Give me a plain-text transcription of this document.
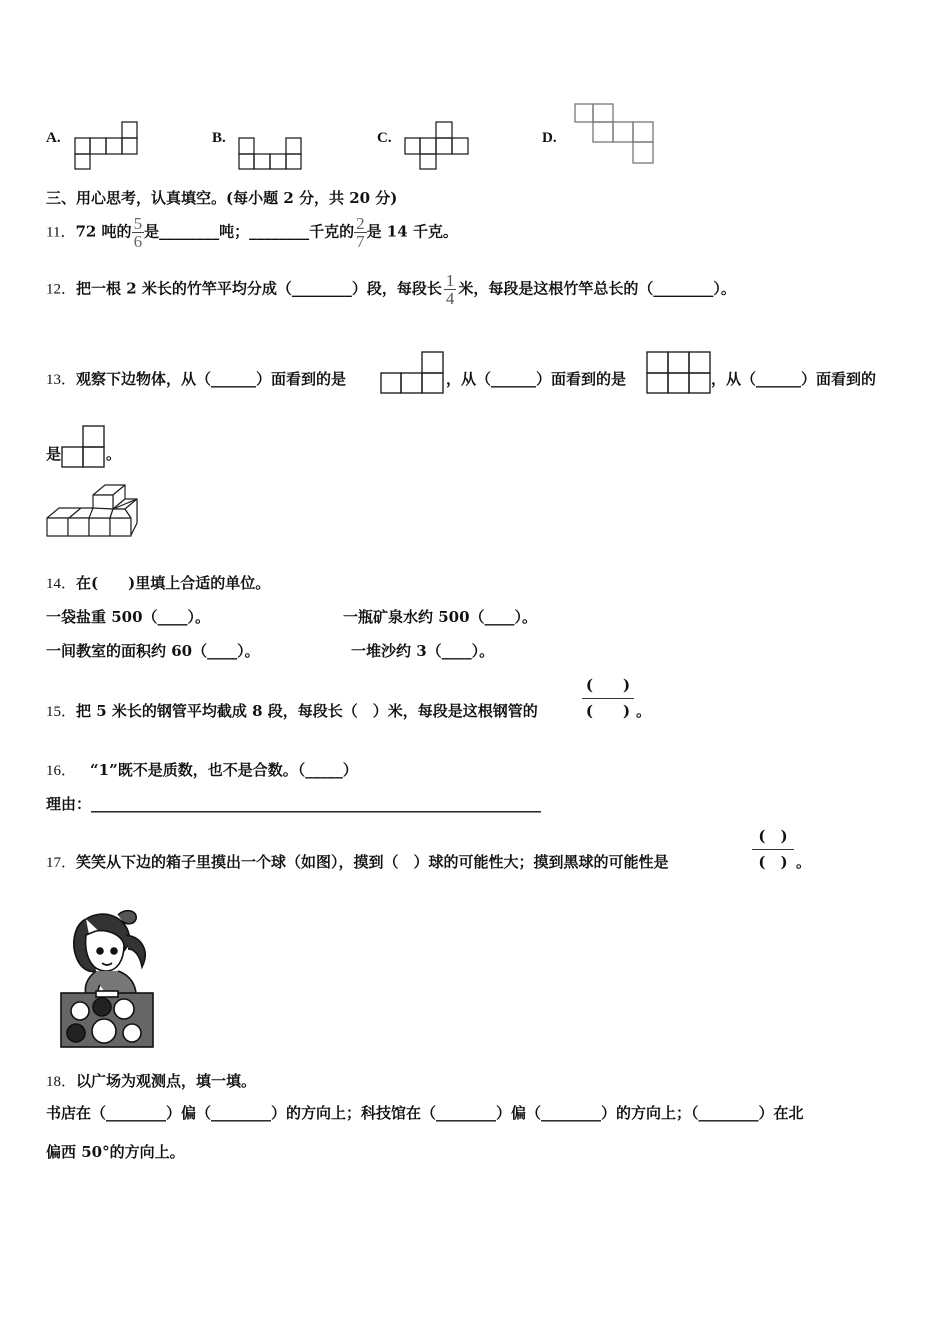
A.	B.	C.	D.
三、用心思考，认真填空。(每小题 2 分，共 20 分)
11．72 吨的 $\frac{5}{6}$ 是________吨；________千克的 $\frac{2}{7}$ 是 14 千克。
12．把一根 2 米长的竹竿平均分成（________）段，每段长 $\frac{1}{4}$ 米，每段是这根竹竿总长的（________）。
13．观察下边物体，从（______）面看到的是	，从（______）面看到的是	，从（______）面看到的
是	。
14．在(　　)里填上合适的单位。
一袋盐重 500（____）。	一瓶矿泉水约 500（____）。
一间教室的面积约 60（____）。	一堆沙约 3（____）。
15．把 5 米长的钢管平均截成 8 段，每段长（　）米，每段是这根钢管的
(　　)
(　　) 。
16． “1”既不是质数，也不是合数。（_____）
理由：____________________________________________________________
17．笑笑从下边的箱子里摸出一个球（如图），摸到（　）球的可能性大；摸到黑球的可能性是
(　)
(　) 。
18．以广场为观测点，填一填。
书店在（________）偏（________）的方向上；科技馆在（________）偏（________）的方向上；（________）在北
偏西 50°的方向上。
